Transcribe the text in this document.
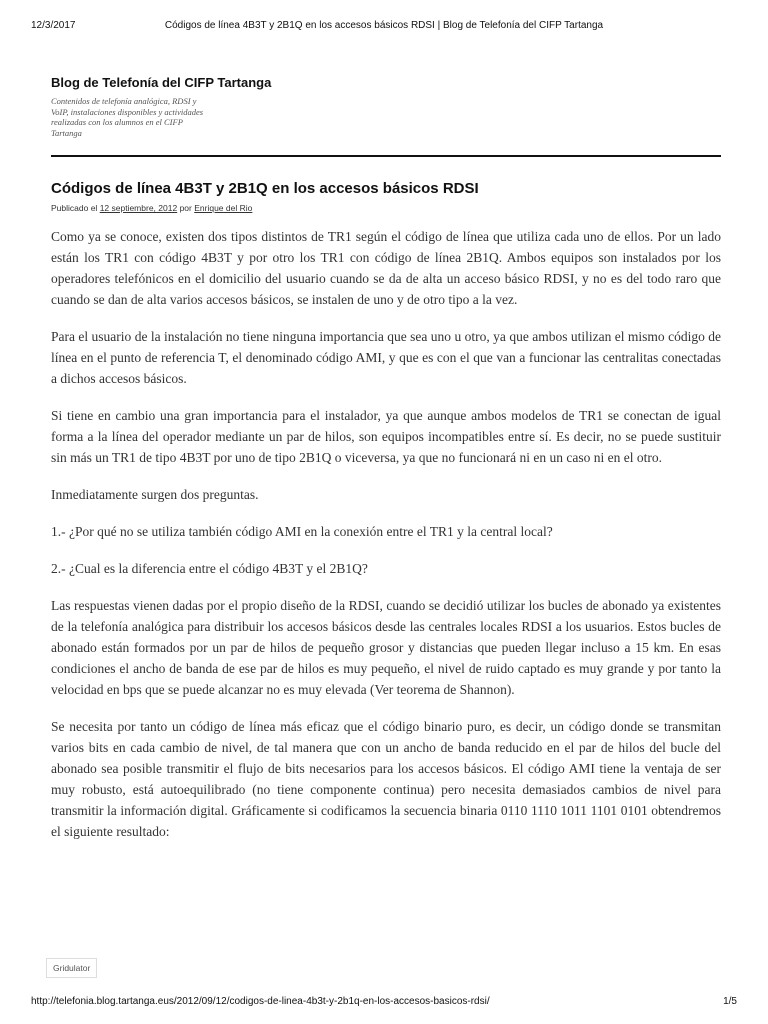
12/3/2017	Códigos de línea 4B3T y 2B1Q en los accesos básicos RDSI | Blog de Telefonía del CIFP Tartanga
Blog de Telefonía del CIFP Tartanga
Contenidos de telefonía analógica, RDSI y VoIP, instalaciones disponibles y actividades realizadas con los alumnos en el CIFP Tartanga
Códigos de línea 4B3T y 2B1Q en los accesos básicos RDSI
Publicado el 12 septiembre, 2012 por Enrique del Rio

Como ya se conoce, existen dos tipos distintos de TR1 según el código de línea que utiliza cada uno de ellos. Por un lado están los TR1 con código 4B3T y por otro los TR1 con código de línea 2B1Q. Ambos equipos son instalados por los operadores telefónicos en el domicilio del usuario cuando se da de alta un acceso básico RDSI, y no es del todo raro que cuando se dan de alta varios accesos básicos, se instalen de uno y de otro tipo a la vez.

Para el usuario de la instalación no tiene ninguna importancia que sea uno u otro, ya que ambos utilizan el mismo código de línea en el punto de referencia T, el denominado código AMI, y que es con el que van a funcionar las centralitas conectadas a dichos accesos básicos.

Si tiene en cambio una gran importancia para el instalador, ya que aunque ambos modelos de TR1 se conectan de igual forma a la línea del operador mediante un par de hilos, son equipos incompatibles entre sí. Es decir, no se puede sustituir sin más un TR1 de tipo 4B3T por uno de tipo 2B1Q o viceversa, ya que no funcionará ni en un caso ni en el otro.

Inmediatamente surgen dos preguntas.

1.- ¿Por qué no se utiliza también código AMI en la conexión entre el TR1 y la central local?

2.- ¿Cual es la diferencia entre el código 4B3T y el 2B1Q?

Las respuestas vienen dadas por el propio diseño de la RDSI, cuando se decidió utilizar los bucles de abonado ya existentes de la telefonía analógica para distribuir los accesos básicos desde las centrales locales RDSI a los usuarios. Estos bucles de abonado están formados por un par de hilos de pequeño grosor y distancias que pueden llegar incluso a 15 km. En esas condiciones el ancho de banda de ese par de hilos es muy pequeño, el nivel de ruido captado es muy grande y por tanto la velocidad en bps que se puede alcanzar no es muy elevada (Ver teorema de Shannon).

Se necesita por tanto un código de línea más eficaz que el código binario puro, es decir, un código donde se transmitan varios bits en cada cambio de nivel, de tal manera que con un ancho de banda reducido en el par de hilos del bucle del abonado sea posible transmitir el flujo de bits necesarios para los accesos básicos. El código AMI tiene la ventaja de ser muy robusto, está autoequilibrado (no tiene componente continua) pero necesita demasiados cambios de nivel para transmitir la información digital. Gráficamente si codificamos la secuencia binaria 0110 1110 1011 1101 0101 obtendremos el siguiente resultado:

Gridulator
http://telefonia.blog.tartanga.eus/2012/09/12/codigos-de-linea-4b3t-y-2b1q-en-los-accesos-basicos-rdsi/	1/5
